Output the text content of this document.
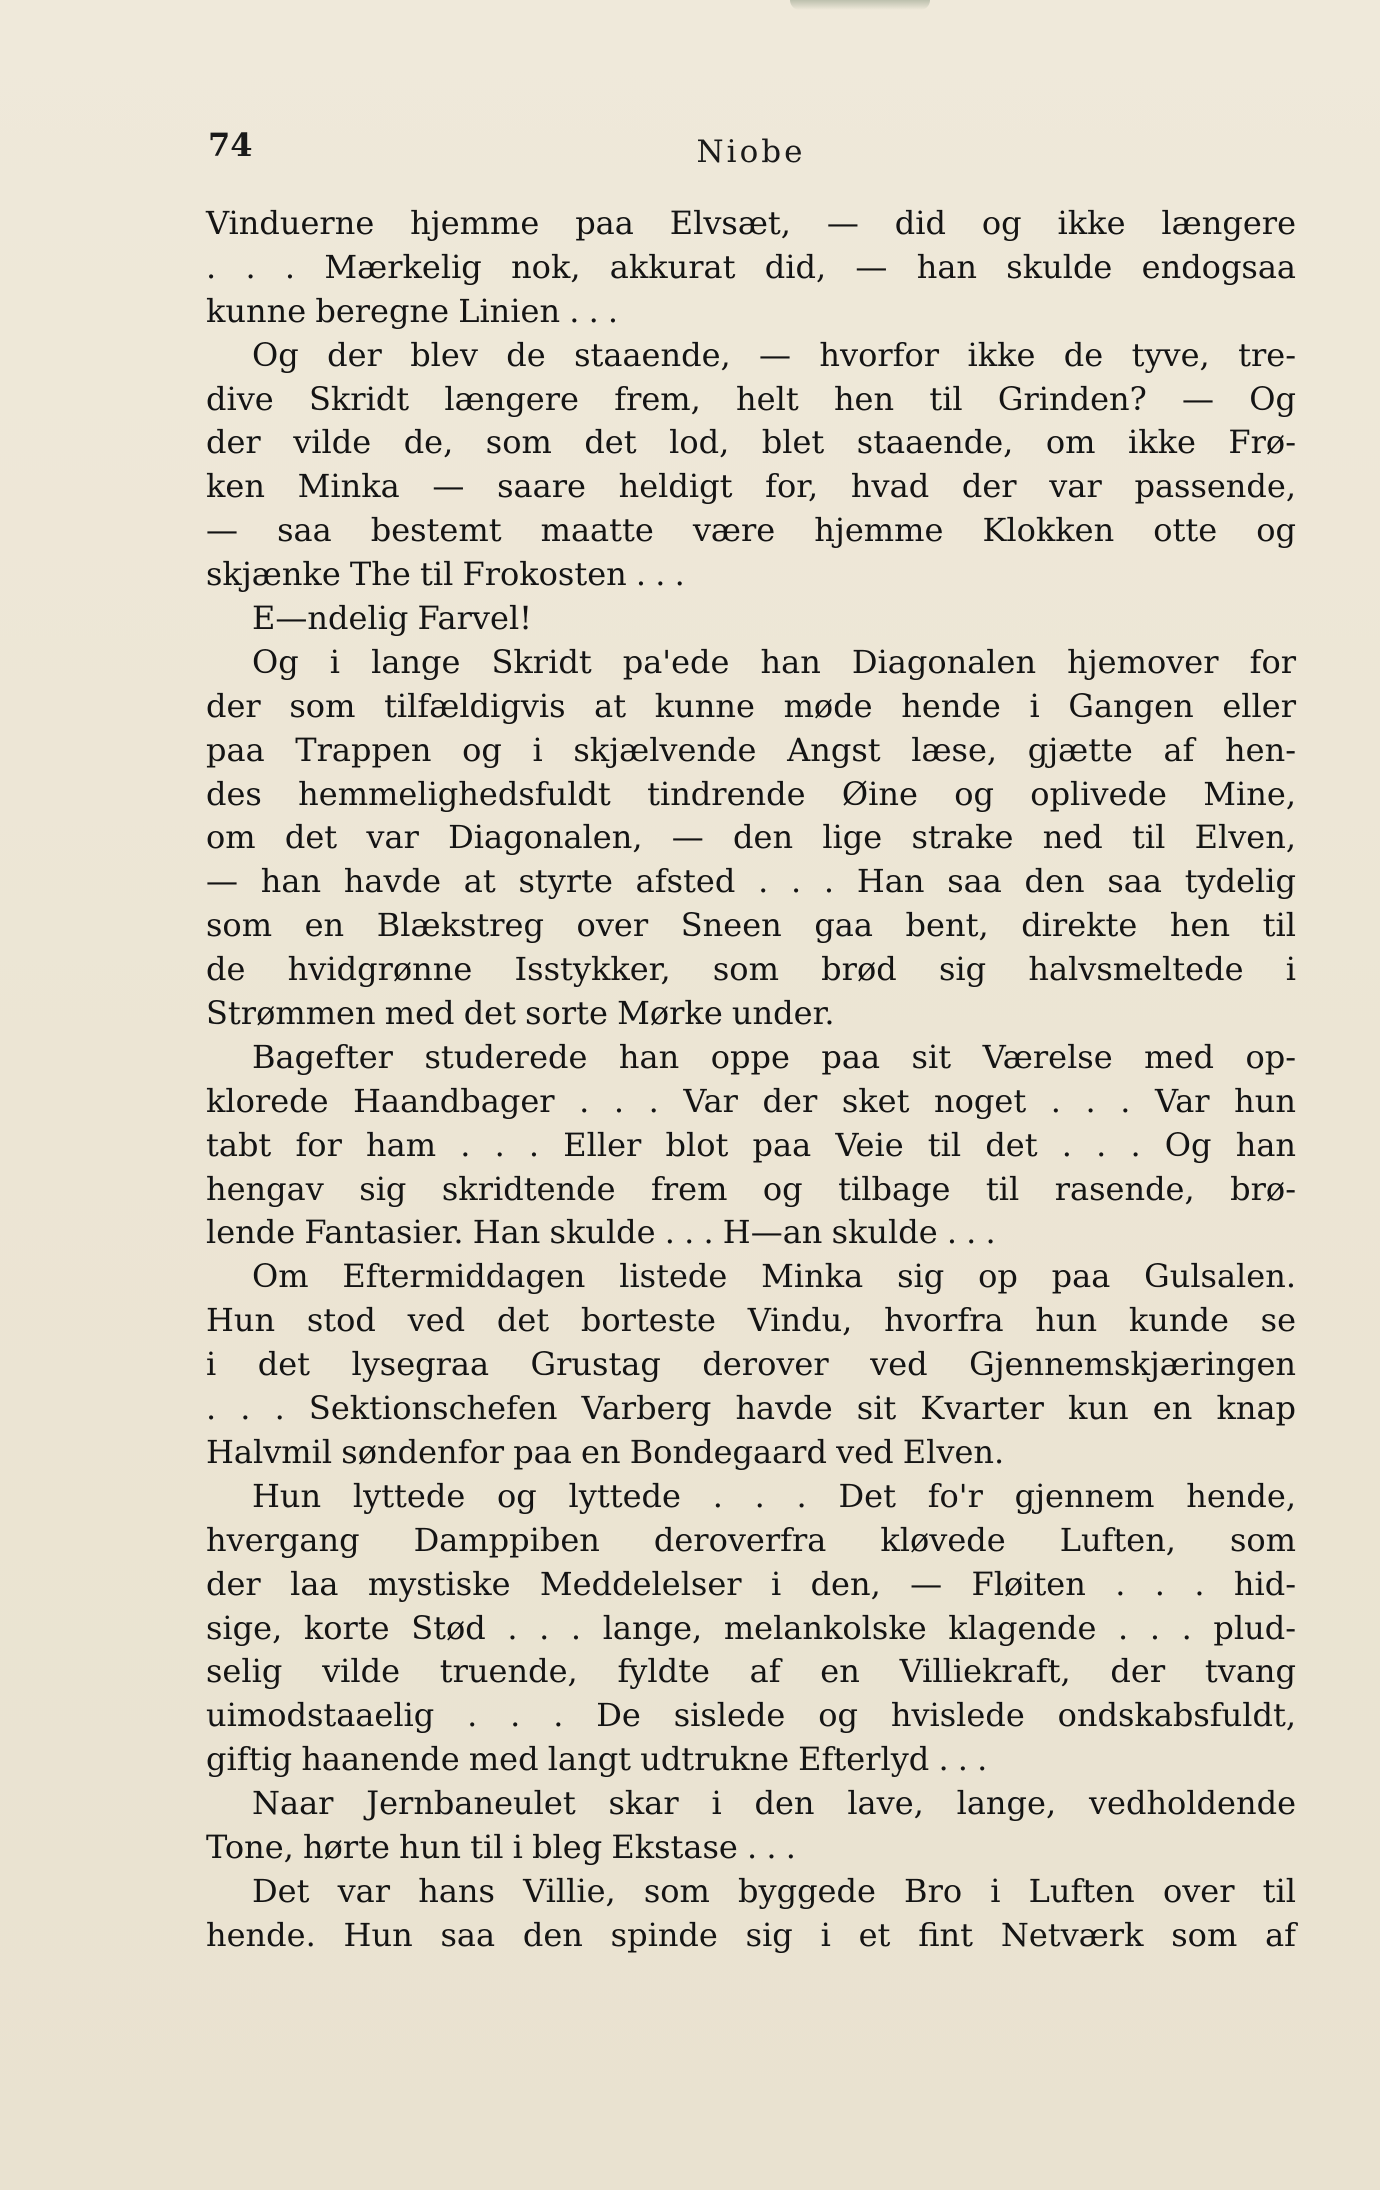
74	Niobe
Vinduerne hjemme paa Elvsæt, — did og ikke længere
. . . Mærkelig nok, akkurat did, — han skulde endogsaa
kunne beregne Linien . . .
Og der blev de staaende, — hvorfor ikke de tyve, tre-
dive Skridt længere frem, helt hen til Grinden? — Og
der vilde de, som det lod, blet staaende, om ikke Frø-
ken Minka — saare heldigt for, hvad der var passende,
— saa bestemt maatte være hjemme Klokken otte og
skjænke The til Frokosten . . .
E—ndelig Farvel!
Og i lange Skridt pa'ede han Diagonalen hjemover for
der som tilfældigvis at kunne møde hende i Gangen eller
paa Trappen og i skjælvende Angst læse, gjætte af hen-
des hemmelighedsfuldt tindrende Øine og oplivede Mine,
om det var Diagonalen, — den lige strake ned til Elven,
— han havde at styrte afsted . . . Han saa den saa tydelig
som en Blækstreg over Sneen gaa bent, direkte hen til
de hvidgrønne Isstykker, som brød sig halvsmeltede i
Strømmen med det sorte Mørke under.
Bagefter studerede han oppe paa sit Værelse med op-
klorede Haandbager . . . Var der sket noget . . . Var hun
tabt for ham . . . Eller blot paa Veie til det . . . Og han
hengav sig skridtende frem og tilbage til rasende, brø-
lende Fantasier. Han skulde . . . H—an skulde . . .
Om Eftermiddagen listede Minka sig op paa Gulsalen.
Hun stod ved det borteste Vindu, hvorfra hun kunde se
i det lysegraa Grustag derover ved Gjennemskjæringen
. . . Sektionschefen Varberg havde sit Kvarter kun en knap
Halvmil søndenfor paa en Bondegaard ved Elven.
Hun lyttede og lyttede . . . Det fo'r gjennem hende,
hvergang Damppiben deroverfra kløvede Luften, som
der laa mystiske Meddelelser i den, — Fløiten . . . hid-
sige, korte Stød . . . lange, melankolske klagende . . . plud-
selig vilde truende, fyldte af en Villiekraft, der tvang
uimodstaaelig . . . De sislede og hvislede ondskabsfuldt,
giftig haanende med langt udtrukne Efterlyd . . .
Naar Jernbaneulet skar i den lave, lange, vedholdende
Tone, hørte hun til i bleg Ekstase . . .
Det var hans Villie, som byggede Bro i Luften over til
hende. Hun saa den spinde sig i et fint Netværk som af
